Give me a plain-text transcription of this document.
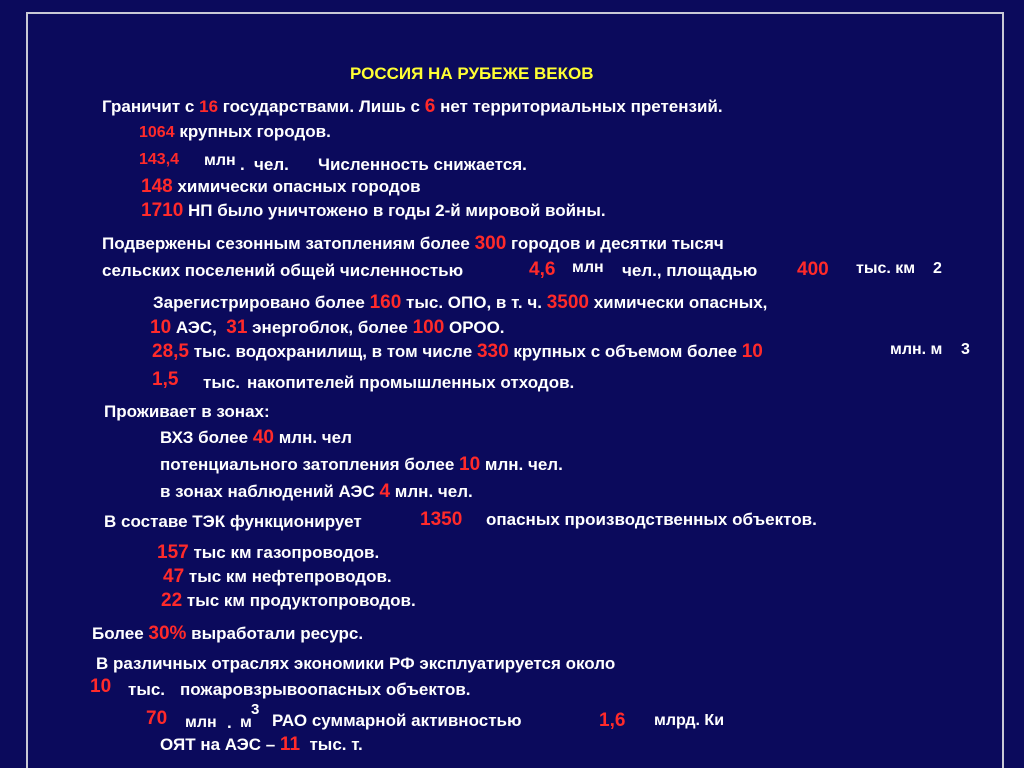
РОССИЯ НА РУБЕЖЕ ВЕКОВ
Граничит с 16 государствами. Лишь с 6 нет территориальных претензий.
1064 крупных городов.
143,4 млн . чел. Численность снижается.
148 химически опасных городов
1710 НП было уничтожено в годы 2-й мировой войны.
Подвержены сезонным затоплениям более 300 городов и десятки тысяч
сельских поселений общей численностью	4,6 млн чел., площадью 400 тыс. км 2
Зарегистрировано более 160 тыс. ОПО, в т. ч. 3500 химически опасных,
10 АЭС, 31 энергоблок, более 100 ОРОО.
28,5 тыс. водохранилищ, в том числе 330 крупных с объемом более 10	млн. м 3
1,5 тыс. накопителей промышленных отходов.
Проживает в зонах:
ВХЗ более 40 млн. чел
потенциального затопления более 10 млн. чел.
в зонах наблюдений АЭС 4 млн. чел.
В составе ТЭК функционирует	1350 опасных производственных объектов.
157 тыс км газопроводов.
47 тыс км нефтепроводов.
22 тыс км продуктопроводов.
Более 30% выработали ресурс.
В различных отраслях экономики РФ эксплуатируется около
10 тыс. пожаровзрывоопасных объектов.
70 млн . м
3
РАО суммарной активностью	1,6 млрд. Ки
ОЯТ на АЭС – 11 тыс. т.
